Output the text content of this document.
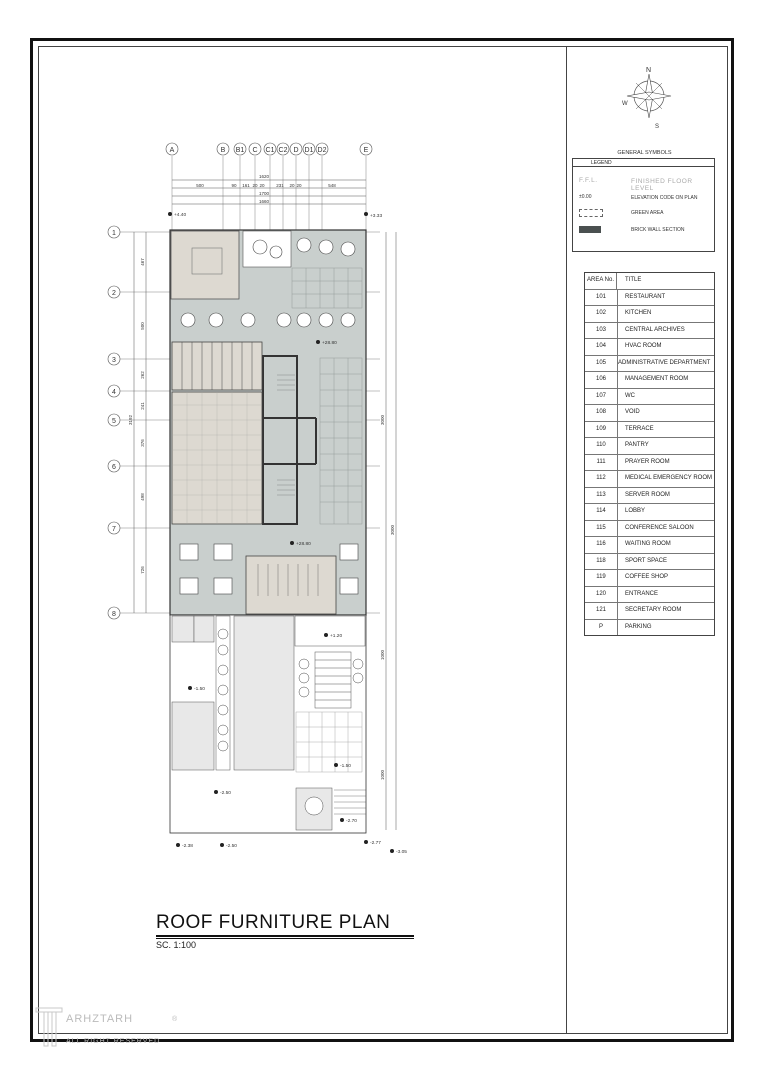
1620
1700
1660
500	90 161 20 20	231 20 20	548
A	B B1 C C1 C2 D D1 D2	E
1
2
3
4
5
6
7
8
467
500
262
241
376
498
726
3192	3000
3000
1000
1000
+4.40	+3.33
+28.80
+28.80
+1.20
-1.50
-1.50
-2.50
-2.70
-2.38	-2.50
-2.77
-3.05
ROOF FURNITURE PLAN
SC. 1:100
N
W
S
GENERAL SYMBOLS
LEGEND
F.F.L.	FINISHED FLOOR LEVEL
±0.00	ELEVATION CODE ON PLAN
GREEN AREA
BRICK WALL SECTION
AREA No.	TITLE
101	RESTAURANT
102	KITCHEN
103	CENTRAL ARCHIVES
104	HVAC ROOM
105	ADMINISTRATIVE DEPARTMENT
106	MANAGEMENT ROOM
107	WC
108	VOID
109	TERRACE
110	PANTRY
111	PRAYER ROOM
112	MEDICAL EMERGENCY ROOM
113	SERVER ROOM
114	LOBBY
115	CONFERENCE SALOON
116	WAITING ROOM
118	SPORT SPACE
119	COFFEE SHOP
120	ENTRANCE
121	SECRETARY ROOM
P	PARKING
ARHZTARH
ALL RIGHT RESERVED
®
